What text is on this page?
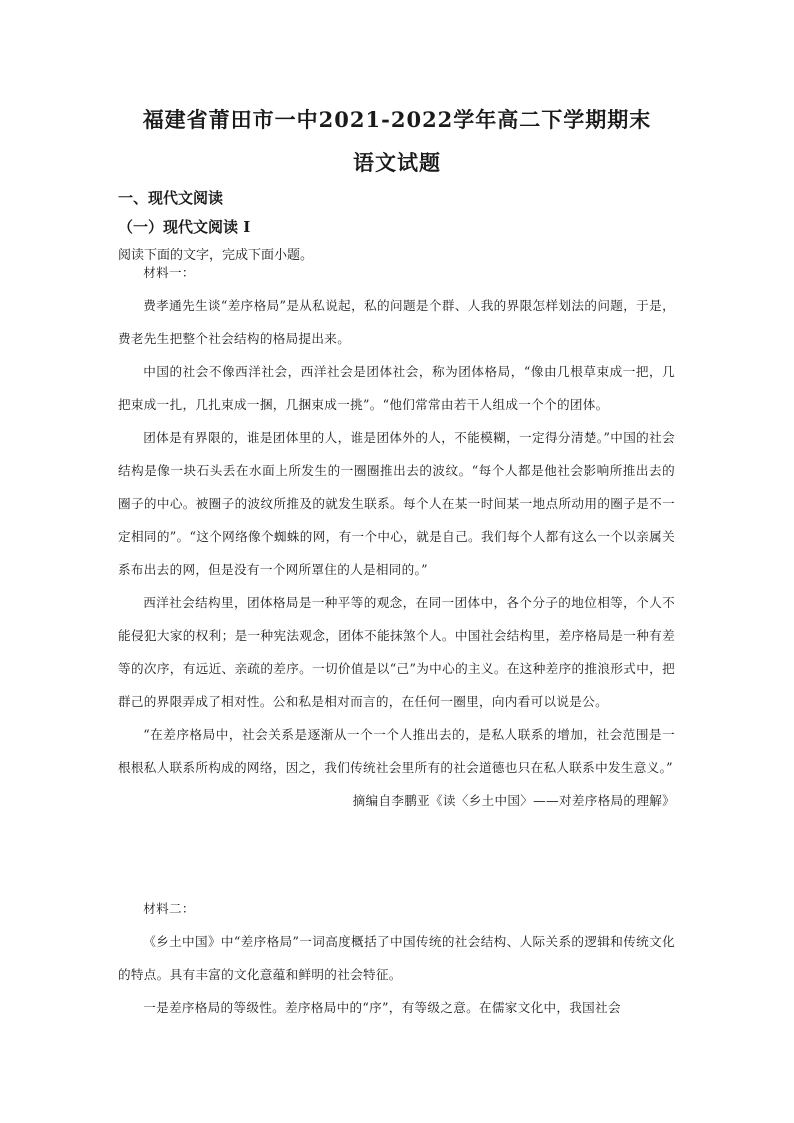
福建省莆田市一中2021-2022学年高二下学期期末
语文试题
一、现代文阅读
（一）现代文阅读 I
阅读下面的文字，完成下面小题。

材料一：

费孝通先生谈“差序格局”是从私说起，私的问题是个群、人我的界限怎样划法的问题，于是，费老先生把整个社会结构的格局提出来。

中国的社会不像西洋社会，西洋社会是团体社会，称为团体格局，“像由几根草束成一把，几把束成一扎，几扎束成一捆，几捆束成一挑”。“他们常常由若干人组成一个个的团体。

团体是有界限的，谁是团体里的人，谁是团体外的人，不能模糊，一定得分清楚。”中国的社会结构是像一块石头丢在水面上所发生的一圈圈推出去的波纹。“每个人都是他社会影响所推出去的圈子的中心。被圈子的波纹所推及的就发生联系。每个人在某一时间某一地点所动用的圈子是不一定相同的”。“这个网络像个蜘蛛的网，有一个中心，就是自己。我们每个人都有这么一个以亲属关系布出去的网，但是没有一个网所罩住的人是相同的。”

西洋社会结构里，团体格局是一种平等的观念，在同一团体中，各个分子的地位相等，个人不能侵犯大家的权利；是一种宪法观念，团体不能抹煞个人。中国社会结构里，差序格局是一种有差等的次序，有远近、亲疏的差序。一切价值是以“己”为中心的主义。在这种差序的推浪形式中，把群己的界限弄成了相对性。公和私是相对而言的，在任何一圈里，向内看可以说是公。

“在差序格局中，社会关系是逐渐从一个一个人推出去的，是私人联系的增加，社会范围是一根根私人联系所构成的网络，因之，我们传统社会里所有的社会道德也只在私人联系中发生意义。”

摘编自李鹏亚《读〈乡土中国〉——对差序格局的理解》

材料二：

《乡土中国》中“差序格局”一词高度概括了中国传统的社会结构、人际关系的逻辑和传统文化的特点。具有丰富的文化意蕴和鲜明的社会特征。

一是差序格局的等级性。差序格局中的“序”，有等级之意。在儒家文化中，我国社会
